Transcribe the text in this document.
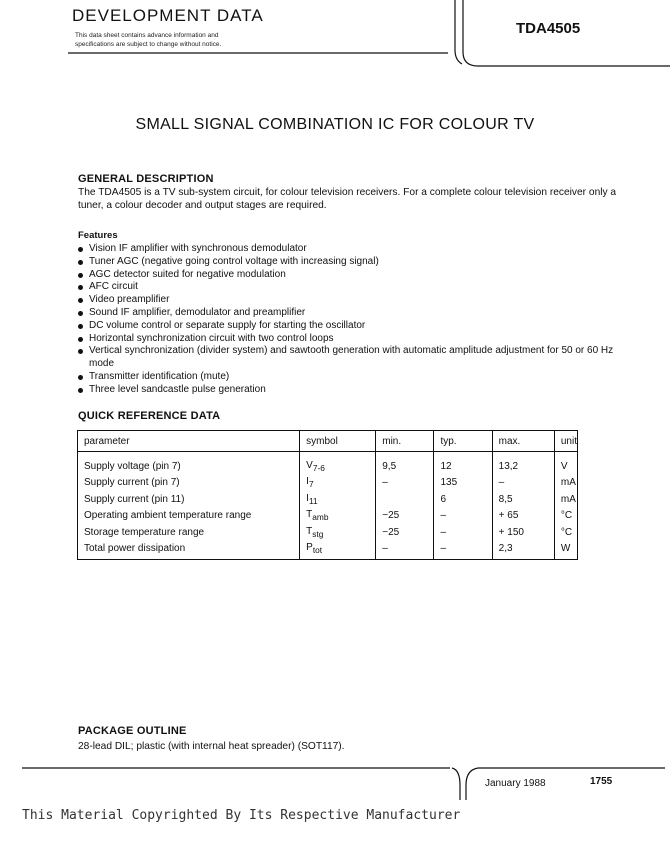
DEVELOPMENT DATA
This data sheet contains advance information and
specifications are subject to change without notice.
TDA4505
SMALL SIGNAL COMBINATION IC FOR COLOUR TV
GENERAL DESCRIPTION
The TDA4505 is a TV sub-system circuit, for colour television receivers. For a complete colour television receiver only a tuner, a colour decoder and output stages are required.
Features
Vision IF amplifier with synchronous demodulator
Tuner AGC (negative going control voltage with increasing signal)
AGC detector suited for negative modulation
AFC circuit
Video preamplifier
Sound IF amplifier, demodulator and preamplifier
DC volume control or separate supply for starting the oscillator
Horizontal synchronization circuit with two control loops
Vertical synchronization (divider system) and sawtooth generation with automatic amplitude adjustment for 50 or 60 Hz mode
Transmitter identification (mute)
Three level sandcastle pulse generation
QUICK REFERENCE DATA
parameter	symbol	min.	typ.	max.	unit
Supply voltage (pin 7)	$V_{7-6}$	9,5	12	13,2	V
Supply current (pin 7)	$I_7$	–	135	–	mA
Supply current (pin 11)	$I_{11}$		6	8,5	mA
Operating ambient temperature range	$T_{amb}$	−25	–	+ 65	°C
Storage temperature range	$T_{stg}$	−25	–	+ 150	°C
Total power dissipation	$P_{tot}$	–	–	2,3	W
PACKAGE OUTLINE
28-lead DIL; plastic (with internal heat spreader) (SOT117).
January 1988	1755
This Material Copyrighted By Its Respective Manufacturer
